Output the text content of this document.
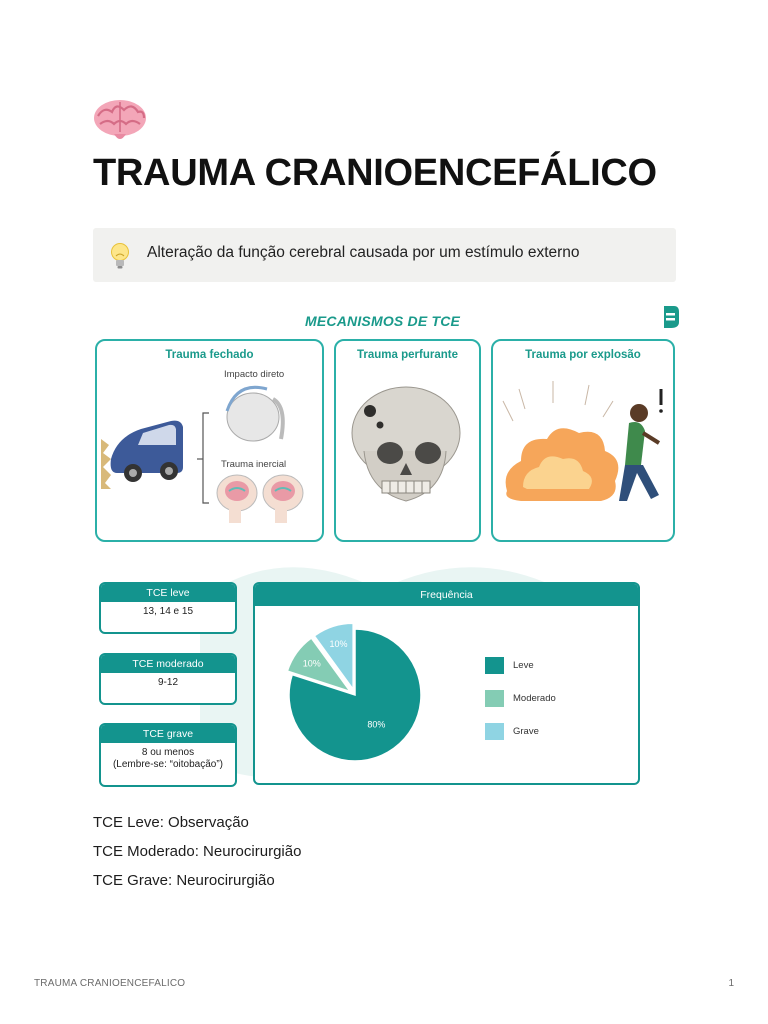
TRAUMA CRANIOENCEFÁLICO
Alteração da função cerebral causada por um estímulo externo
MECANISMOS DE TCE
Trauma fechado
Impacto direto
Trauma inercial
Trauma perfurante	Trauma por explosão
TCE leve
13, 14 e 15
TCE moderado
9-12
TCE grave
8 ou menos
(Lembre-se: “oitobação”)
Frequência
80%
10%
10%
Leve
Moderado
Grave

TCE Leve: Observação

TCE Moderado: Neurocirurgião

TCE Grave: Neurocirurgião

TRAUMA CRANIOENCEFALICO	1
